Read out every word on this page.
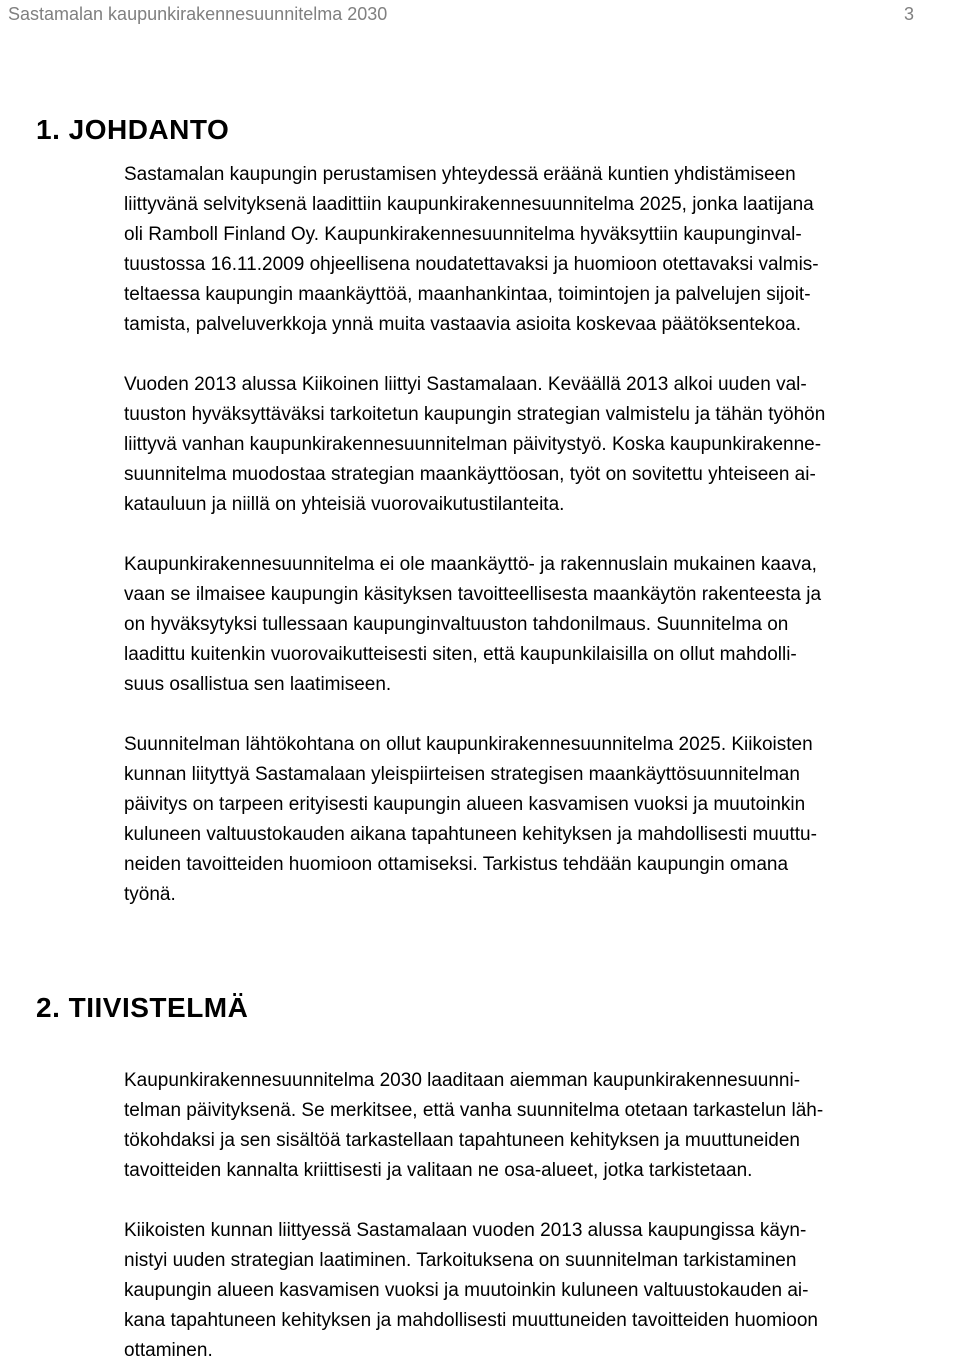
Sastamalan kaupunkirakennesuunnitelma 2030	3
1. JOHDANTO

Sastamalan kaupungin perustamisen yhteydessä eräänä kuntien yhdistämiseen
liittyvänä selvityksenä laadittiin kaupunkirakennesuunnitelma 2025, jonka laatijana
oli Ramboll Finland Oy. Kaupunkirakennesuunnitelma hyväksyttiin kaupunginval-
tuustossa 16.11.2009 ohjeellisena noudatettavaksi ja huomioon otettavaksi valmis-
teltaessa kaupungin maankäyttöä, maanhankintaa, toimintojen ja palvelujen sijoit-
tamista, palveluverkkoja ynnä muita vastaavia asioita koskevaa päätöksentekoa.

Vuoden 2013 alussa Kiikoinen liittyi Sastamalaan. Keväällä 2013 alkoi uuden val-
tuuston hyväksyttäväksi tarkoitetun kaupungin strategian valmistelu ja tähän työhön
liittyvä vanhan kaupunkirakennesuunnitelman päivitystyö. Koska kaupunkirakenne-
suunnitelma muodostaa strategian maankäyttöosan, työt on sovitettu yhteiseen ai-
katauluun ja niillä on yhteisiä vuorovaikutustilanteita.

Kaupunkirakennesuunnitelma ei ole maankäyttö- ja rakennuslain mukainen kaava,
vaan se ilmaisee kaupungin käsityksen tavoitteellisesta maankäytön rakenteesta ja
on hyväksytyksi tullessaan kaupunginvaltuuston tahdonilmaus. Suunnitelma on
laadittu kuitenkin vuorovaikutteisesti siten, että kaupunkilaisilla on ollut mahdolli-
suus osallistua sen laatimiseen.

Suunnitelman lähtökohtana on ollut kaupunkirakennesuunnitelma 2025. Kiikoisten
kunnan liityttyä Sastamalaan yleispiirteisen strategisen maankäyttösuunnitelman
päivitys on tarpeen erityisesti kaupungin alueen kasvamisen vuoksi ja muutoinkin
kuluneen valtuustokauden aikana tapahtuneen kehityksen ja mahdollisesti muuttu-
neiden tavoitteiden huomioon ottamiseksi. Tarkistus tehdään kaupungin omana
työnä.

2. TIIVISTELMÄ

Kaupunkirakennesuunnitelma 2030 laaditaan aiemman kaupunkirakennesuunni-
telman päivityksenä. Se merkitsee, että vanha suunnitelma otetaan tarkastelun läh-
tökohdaksi ja sen sisältöä tarkastellaan tapahtuneen kehityksen ja muuttuneiden
tavoitteiden kannalta kriittisesti ja valitaan ne osa-alueet, jotka tarkistetaan.

Kiikoisten kunnan liittyessä Sastamalaan vuoden 2013 alussa kaupungissa käyn-
nistyi uuden strategian laatiminen. Tarkoituksena on suunnitelman tarkistaminen
kaupungin alueen kasvamisen vuoksi ja muutoinkin kuluneen valtuustokauden ai-
kana tapahtuneen kehityksen ja mahdollisesti muuttuneiden tavoitteiden huomioon
ottaminen.
